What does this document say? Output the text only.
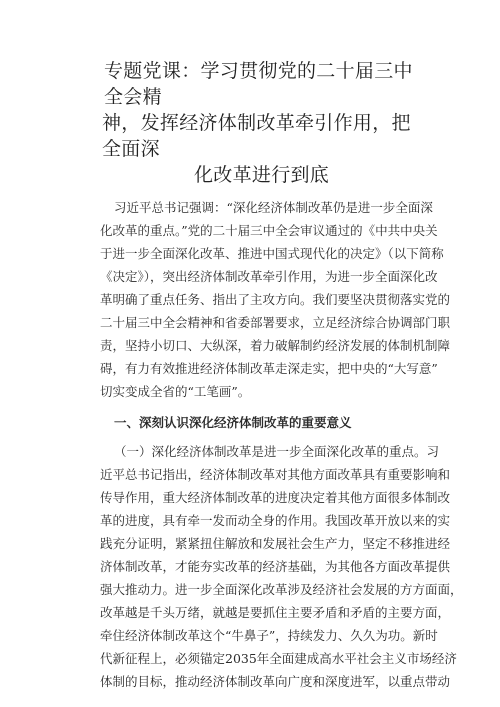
专题党课：学习贯彻党的二十届三中全会精
神，发挥经济体制改革牵引作用，把全面深
化改革进行到底

习近平总书记强调：“深化经济体制改革仍是进一步全面深
化改革的重点。”党的二十届三中全会审议通过的《中共中央关
于进一步全面深化改革、推进中国式现代化的决定》（以下简称
《决定》），突出经济体制改革牵引作用，为进一步全面深化改
革明确了重点任务、指出了主攻方向。我们要坚决贯彻落实党的
二十届三中全会精神和省委部署要求，立足经济综合协调部门职
责，坚持小切口、大纵深，着力破解制约经济发展的体制机制障
碍，有力有效推进经济体制改革走深走实，把中央的“大写意”
切实变成全省的“工笔画”。

一、深刻认识深化经济体制改革的重要意义

（一）深化经济体制改革是进一步全面深化改革的重点。习
近平总书记指出，经济体制改革对其他方面改革具有重要影响和
传导作用，重大经济体制改革的进度决定着其他方面很多体制改
革的进度，具有牵一发而动全身的作用。我国改革开放以来的实
践充分证明，紧紧扭住解放和发展社会生产力，坚定不移推进经
济体制改革，才能夯实改革的经济基础，为其他各方面改革提供
强大推动力。进一步全面深化改革涉及经济社会发展的方方面面，
改革越是千头万绪，就越是要抓住主要矛盾和矛盾的主要方面，
牵住经济体制改革这个“牛鼻子”，持续发力、久久为功。新时
代新征程上，必须锚定2035年全面建成高水平社会主义市场经济
体制的目标，推动经济体制改革向广度和深度进军，以重点带动
